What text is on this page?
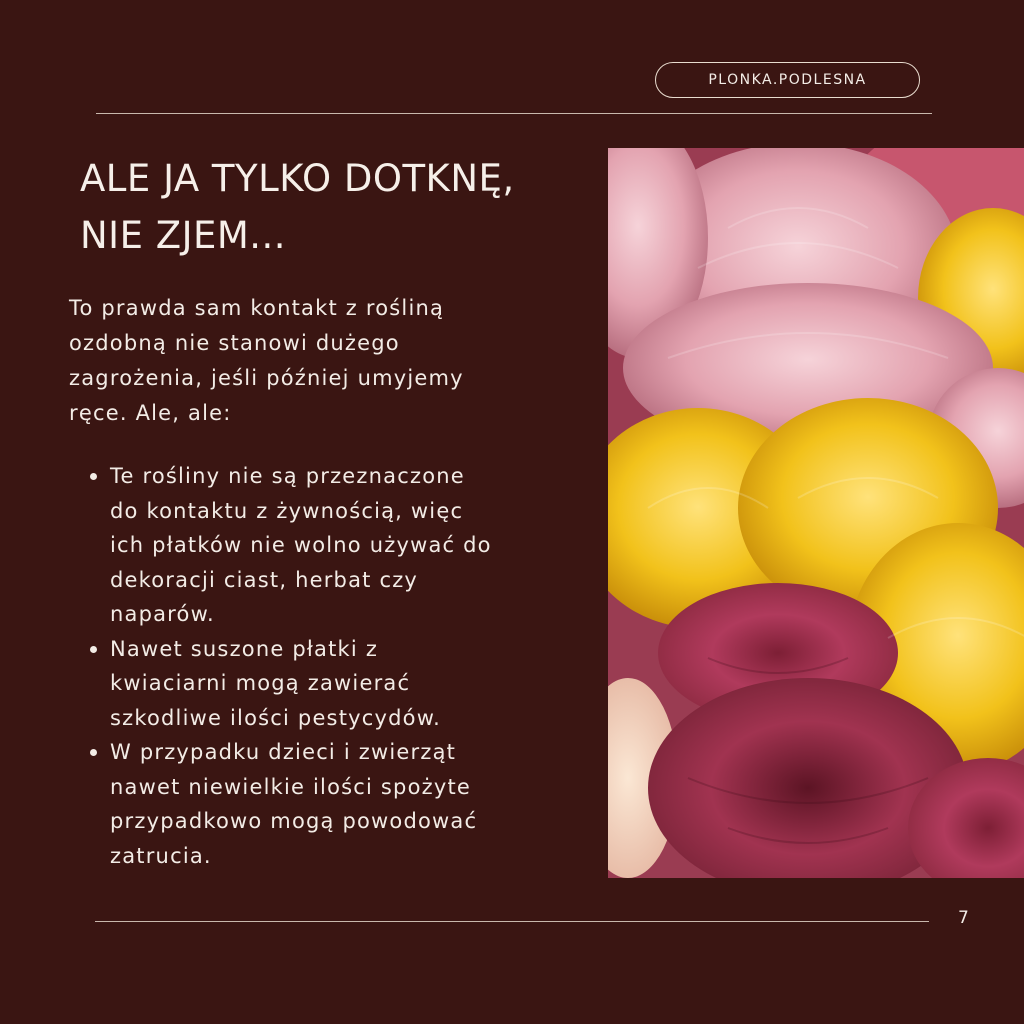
PLONKA.PODLESNA
ALE JA TYLKO DOTKNĘ,
NIE ZJEM...

To prawda sam kontakt z rośliną
ozdobną nie stanowi dużego
zagrożenia, jeśli później umyjemy
ręce. Ale, ale:

Te rośliny nie są przeznaczone
do kontaktu z żywnością, więc
ich płatków nie wolno używać do
dekoracji ciast, herbat czy
naparów.
Nawet suszone płatki z
kwiaciarni mogą zawierać
szkodliwe ilości pestycydów.
W przypadku dzieci i zwierząt
nawet niewielkie ilości spożyte
przypadkowo mogą powodować
zatrucia.
7
